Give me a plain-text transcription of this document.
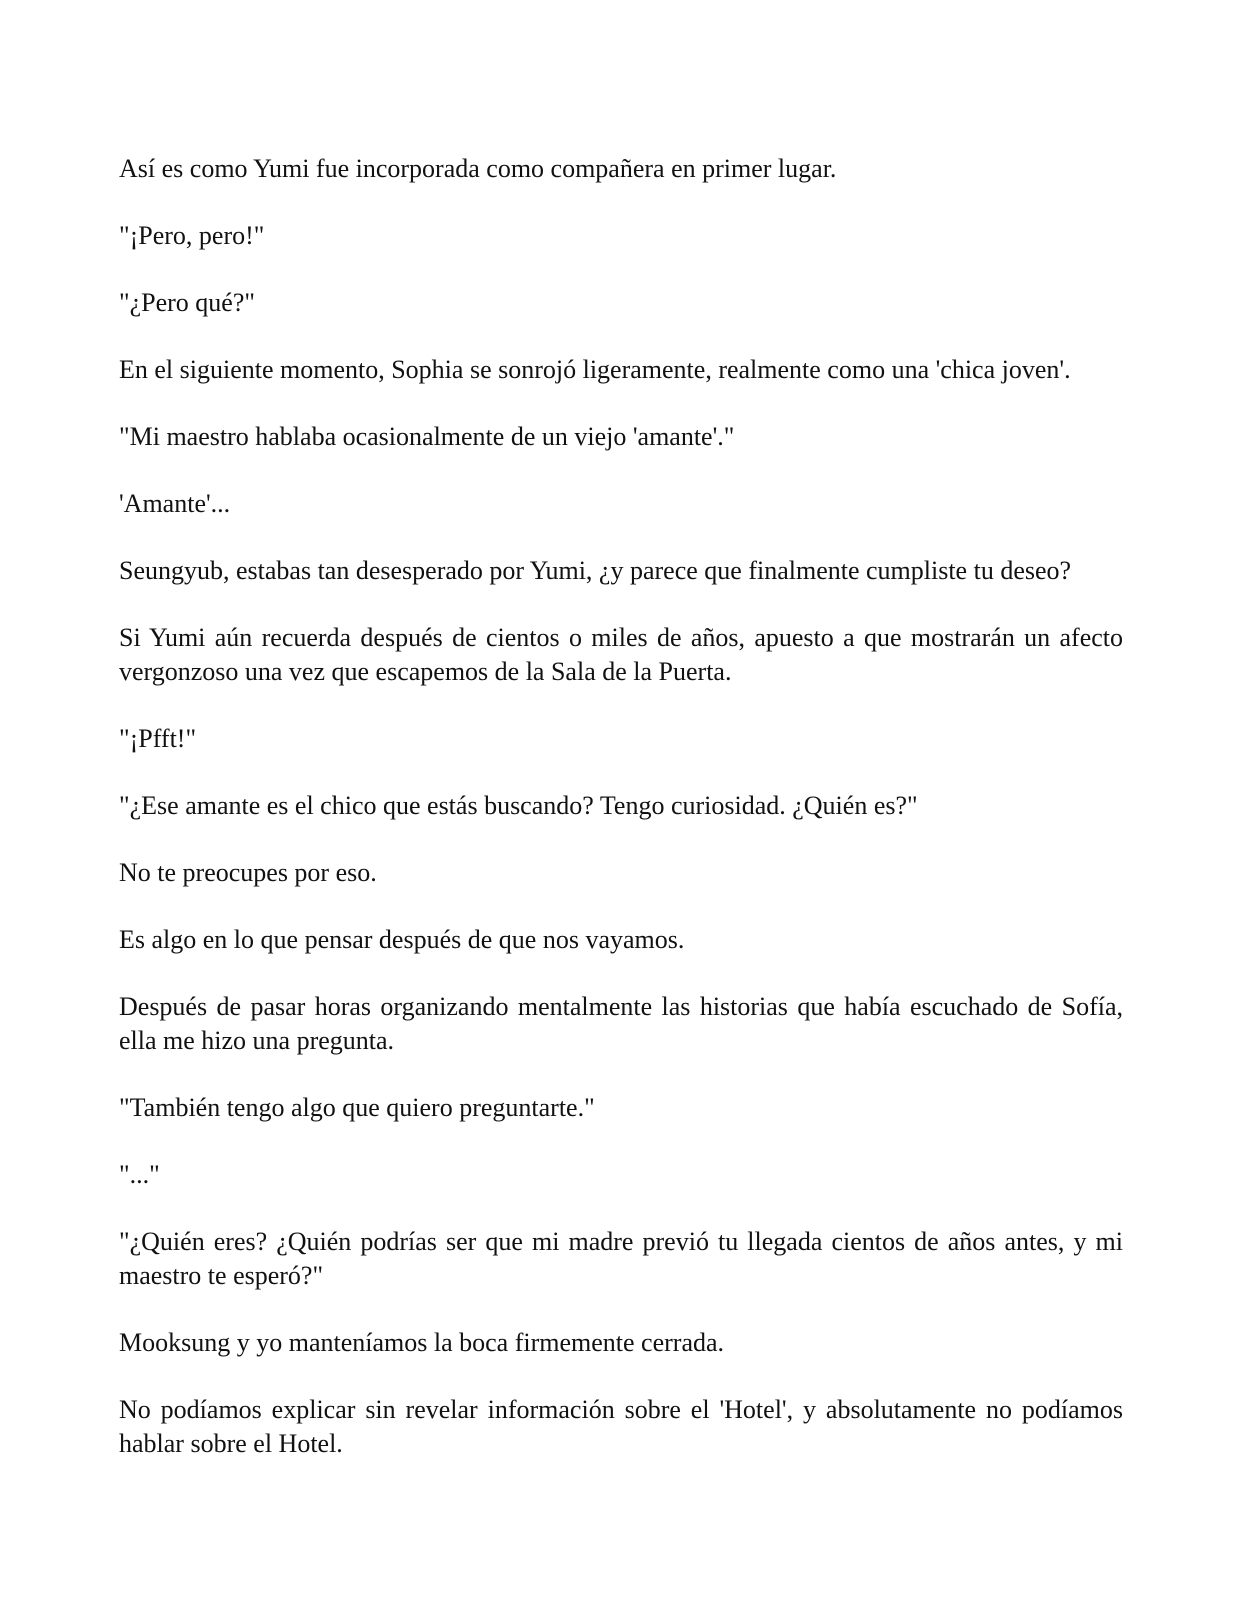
Así es como Yumi fue incorporada como compañera en primer lugar.

"¡Pero, pero!"

"¿Pero qué?"

En el siguiente momento, Sophia se sonrojó ligeramente, realmente como una 'chica joven'.

"Mi maestro hablaba ocasionalmente de un viejo 'amante'."

'Amante'...

Seungyub, estabas tan desesperado por Yumi, ¿y parece que finalmente cumpliste tu deseo?

Si Yumi aún recuerda después de cientos o miles de años, apuesto a que mostrarán un afecto vergonzoso una vez que escapemos de la Sala de la Puerta.

"¡Pfft!"

"¿Ese amante es el chico que estás buscando? Tengo curiosidad. ¿Quién es?"

No te preocupes por eso.

Es algo en lo que pensar después de que nos vayamos.

Después de pasar horas organizando mentalmente las historias que había escuchado de Sofía, ella me hizo una pregunta.

"También tengo algo que quiero preguntarte."

"..."

"¿Quién eres? ¿Quién podrías ser que mi madre previó tu llegada cientos de años antes, y mi maestro te esperó?"

Mooksung y yo manteníamos la boca firmemente cerrada.

No podíamos explicar sin revelar información sobre el 'Hotel', y absolutamente no podíamos hablar sobre el Hotel.
